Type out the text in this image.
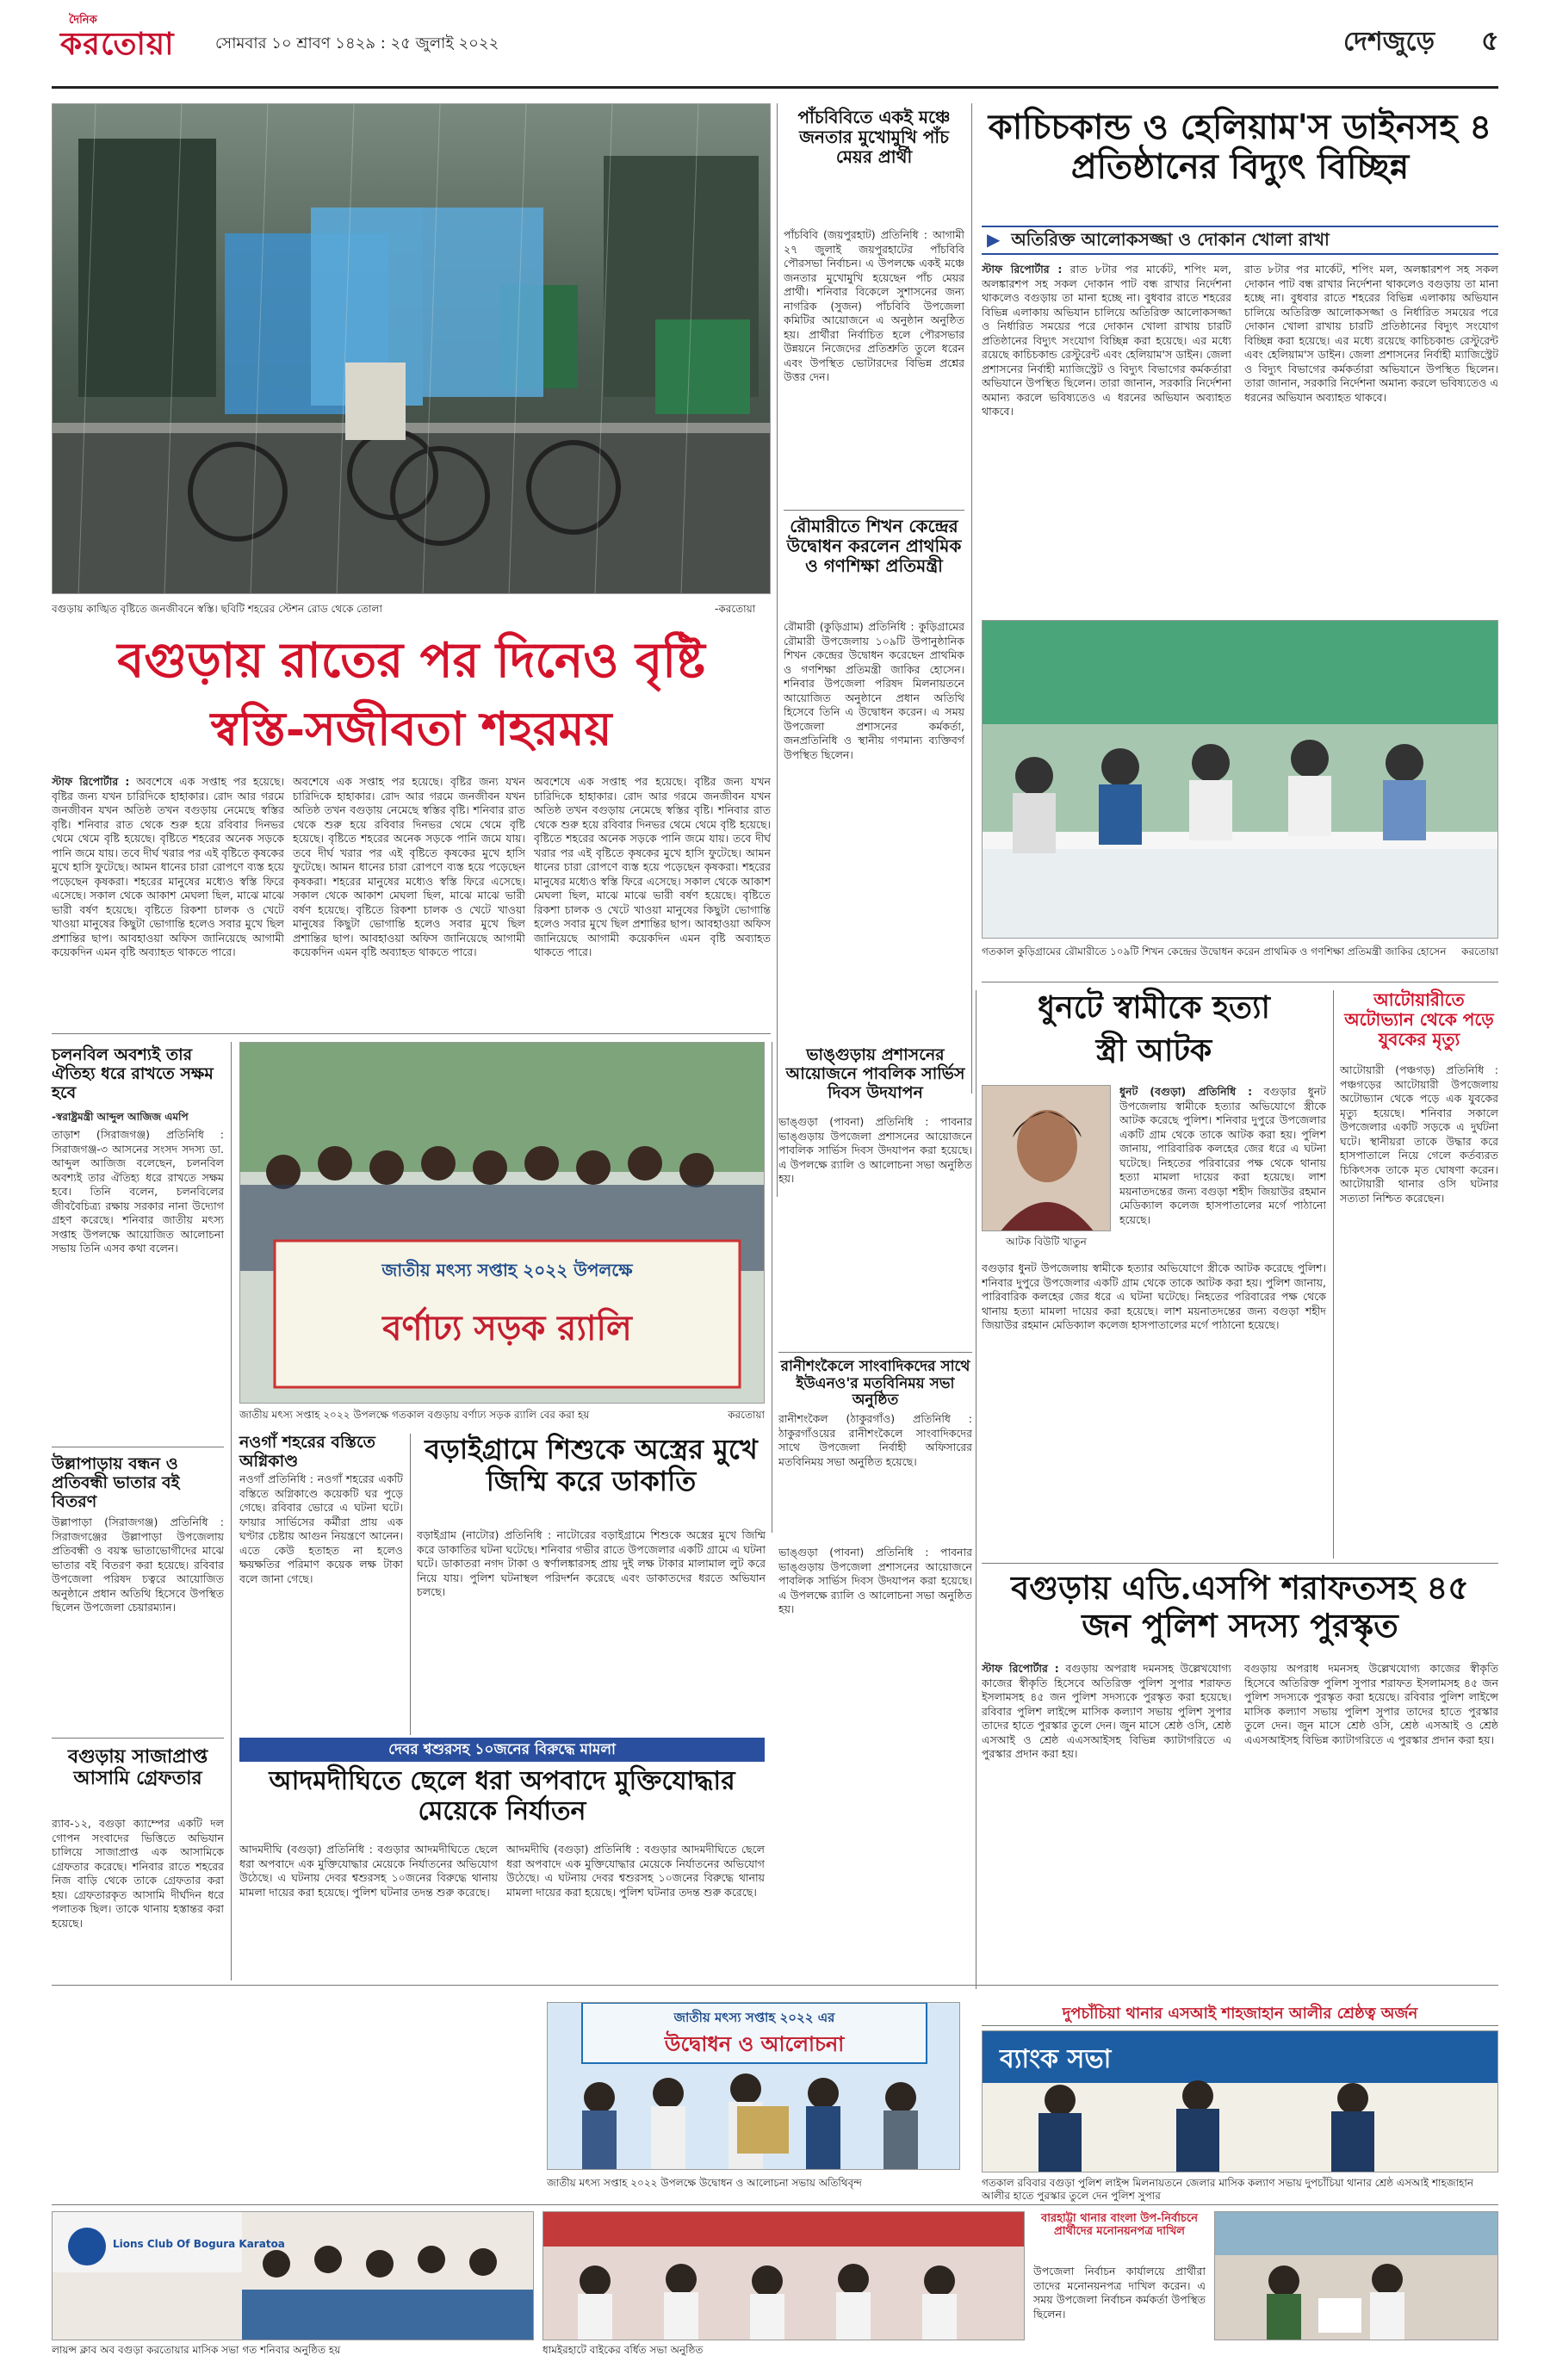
দৈনিক
করতোয়া	সোমবার ১০ শ্রাবণ ১৪২৯ : ২৫ জুলাই ২০২২	দেশজুড়ে ৫
বগুড়ায় কাঙ্খিত বৃষ্টিতে জনজীবনে স্বস্তি। ছবিটি শহরের স্টেশন রোড থেকে তোলা	-করতোয়া
বগুড়ায় রাতের পর দিনেও বৃষ্টি
স্বস্তি-সজীবতা শহরময়
স্টাফ রিপোর্টার : অবশেষে এক সপ্তাহ পর হয়েছে। বৃষ্টির জন্য যখন চারিদিকে হাহাকার। রোদ আর গরমে জনজীবন যখন অতিষ্ঠ তখন বগুড়ায় নেমেছে স্বস্তির বৃষ্টি। শনিবার রাত থেকে শুরু হয়ে রবিবার দিনভর থেমে থেমে বৃষ্টি হয়েছে। বৃষ্টিতে শহরের অনেক সড়কে পানি জমে যায়। তবে দীর্ঘ খরার পর এই বৃষ্টিতে কৃষকের মুখে হাসি ফুটেছে। আমন ধানের চারা রোপণে ব্যস্ত হয়ে পড়েছেন কৃষকরা। শহরের মানুষের মধ্যেও স্বস্তি ফিরে এসেছে। সকাল থেকে আকাশ মেঘলা ছিল, মাঝে মাঝে ভারী বর্ষণ হয়েছে। বৃষ্টিতে রিকশা চালক ও খেটে খাওয়া মানুষের কিছুটা ভোগান্তি হলেও সবার মুখে ছিল প্রশান্তির ছাপ। আবহাওয়া অফিস জানিয়েছে আগামী কয়েকদিন এমন বৃষ্টি অব্যাহত থাকতে পারে।
অবশেষে এক সপ্তাহ পর হয়েছে। বৃষ্টির জন্য যখন চারিদিকে হাহাকার। রোদ আর গরমে জনজীবন যখন অতিষ্ঠ তখন বগুড়ায় নেমেছে স্বস্তির বৃষ্টি। শনিবার রাত থেকে শুরু হয়ে রবিবার দিনভর থেমে থেমে বৃষ্টি হয়েছে। বৃষ্টিতে শহরের অনেক সড়কে পানি জমে যায়। তবে দীর্ঘ খরার পর এই বৃষ্টিতে কৃষকের মুখে হাসি ফুটেছে। আমন ধানের চারা রোপণে ব্যস্ত হয়ে পড়েছেন কৃষকরা। শহরের মানুষের মধ্যেও স্বস্তি ফিরে এসেছে। সকাল থেকে আকাশ মেঘলা ছিল, মাঝে মাঝে ভারী বর্ষণ হয়েছে। বৃষ্টিতে রিকশা চালক ও খেটে খাওয়া মানুষের কিছুটা ভোগান্তি হলেও সবার মুখে ছিল প্রশান্তির ছাপ। আবহাওয়া অফিস জানিয়েছে আগামী কয়েকদিন এমন বৃষ্টি অব্যাহত থাকতে পারে।
অবশেষে এক সপ্তাহ পর হয়েছে। বৃষ্টির জন্য যখন চারিদিকে হাহাকার। রোদ আর গরমে জনজীবন যখন অতিষ্ঠ তখন বগুড়ায় নেমেছে স্বস্তির বৃষ্টি। শনিবার রাত থেকে শুরু হয়ে রবিবার দিনভর থেমে থেমে বৃষ্টি হয়েছে। বৃষ্টিতে শহরের অনেক সড়কে পানি জমে যায়। তবে দীর্ঘ খরার পর এই বৃষ্টিতে কৃষকের মুখে হাসি ফুটেছে। আমন ধানের চারা রোপণে ব্যস্ত হয়ে পড়েছেন কৃষকরা। শহরের মানুষের মধ্যেও স্বস্তি ফিরে এসেছে। সকাল থেকে আকাশ মেঘলা ছিল, মাঝে মাঝে ভারী বর্ষণ হয়েছে। বৃষ্টিতে রিকশা চালক ও খেটে খাওয়া মানুষের কিছুটা ভোগান্তি হলেও সবার মুখে ছিল প্রশান্তির ছাপ। আবহাওয়া অফিস জানিয়েছে আগামী কয়েকদিন এমন বৃষ্টি অব্যাহত থাকতে পারে।
পাঁচবিবিতে একই মঞ্চে জনতার মুখোমুখি পাঁচ মেয়র প্রার্থী
পাঁচবিবি (জয়পুরহাট) প্রতিনিধি : আগামী ২৭ জুলাই জয়পুরহাটের পাঁচবিবি পৌরসভা নির্বাচন। এ উপলক্ষে একই মঞ্চে জনতার মুখোমুখি হয়েছেন পাঁচ মেয়র প্রার্থী। শনিবার বিকেলে সুশাসনের জন্য নাগরিক (সুজন) পাঁচবিবি উপজেলা কমিটির আয়োজনে এ অনুষ্ঠান অনুষ্ঠিত হয়। প্রার্থীরা নির্বাচিত হলে পৌরসভার উন্নয়নে নিজেদের প্রতিশ্রুতি তুলে ধরেন এবং উপস্থিত ভোটারদের বিভিন্ন প্রশ্নের উত্তর দেন।
রৌমারীতে শিখন কেন্দ্রের উদ্বোধন করলেন প্রাথমিক ও গণশিক্ষা প্রতিমন্ত্রী
রৌমারী (কুড়িগ্রাম) প্রতিনিধি : কুড়িগ্রামের রৌমারী উপজেলায় ১০৯টি উপানুষ্ঠানিক শিখন কেন্দ্রের উদ্বোধন করেছেন প্রাথমিক ও গণশিক্ষা প্রতিমন্ত্রী জাকির হোসেন। শনিবার উপজেলা পরিষদ মিলনায়তনে আয়োজিত অনুষ্ঠানে প্রধান অতিথি হিসেবে তিনি এ উদ্বোধন করেন। এ সময় উপজেলা প্রশাসনের কর্মকর্তা, জনপ্রতিনিধি ও স্থানীয় গণমান্য ব্যক্তিবর্গ উপস্থিত ছিলেন।
কাচিচকান্ড ও হেলিয়াম'স ডাইনসহ ৪ প্রতিষ্ঠানের বিদ্যুৎ বিচ্ছিন্ন
▶ অতিরিক্ত আলোকসজ্জা ও দোকান খোলা রাখা
স্টাফ রিপোর্টার : রাত ৮টার পর মার্কেট, শপিং মল, অলঙ্কারশপ সহ সকল দোকান পাট বন্ধ রাখার নির্দেশনা থাকলেও বগুড়ায় তা মানা হচ্ছে না। বুধবার রাতে শহরের বিভিন্ন এলাকায় অভিযান চালিয়ে অতিরিক্ত আলোকসজ্জা ও নির্ধারিত সময়ের পরে দোকান খোলা রাখায় চারটি প্রতিষ্ঠানের বিদ্যুৎ সংযোগ বিচ্ছিন্ন করা হয়েছে। এর মধ্যে রয়েছে কাচিচকান্ড রেস্টুরেন্ট এবং হেলিয়াম'স ডাইন। জেলা প্রশাসনের নির্বাহী ম্যাজিস্ট্রেট ও বিদ্যুৎ বিভাগের কর্মকর্তারা অভিযানে উপস্থিত ছিলেন। তারা জানান, সরকারি নির্দেশনা অমান্য করলে ভবিষ্যতেও এ ধরনের অভিযান অব্যাহত থাকবে।
রাত ৮টার পর মার্কেট, শপিং মল, অলঙ্কারশপ সহ সকল দোকান পাট বন্ধ রাখার নির্দেশনা থাকলেও বগুড়ায় তা মানা হচ্ছে না। বুধবার রাতে শহরের বিভিন্ন এলাকায় অভিযান চালিয়ে অতিরিক্ত আলোকসজ্জা ও নির্ধারিত সময়ের পরে দোকান খোলা রাখায় চারটি প্রতিষ্ঠানের বিদ্যুৎ সংযোগ বিচ্ছিন্ন করা হয়েছে। এর মধ্যে রয়েছে কাচিচকান্ড রেস্টুরেন্ট এবং হেলিয়াম'স ডাইন। জেলা প্রশাসনের নির্বাহী ম্যাজিস্ট্রেট ও বিদ্যুৎ বিভাগের কর্মকর্তারা অভিযানে উপস্থিত ছিলেন। তারা জানান, সরকারি নির্দেশনা অমান্য করলে ভবিষ্যতেও এ ধরনের অভিযান অব্যাহত থাকবে।
গতকাল কুড়িগ্রামের রৌমারীতে ১০৯টি শিখন কেন্দ্রের উদ্বোধন করেন প্রাথমিক ও গণশিক্ষা প্রতিমন্ত্রী জাকির হোসেন করতোয়া
ধুনটে স্বামীকে হত্যা
স্ত্রী আটক
আটক বিউটি খাতুন
ধুনট (বগুড়া) প্রতিনিধি : বগুড়ার ধুনট উপজেলায় স্বামীকে হত্যার অভিযোগে স্ত্রীকে আটক করেছে পুলিশ। শনিবার দুপুরে উপজেলার একটি গ্রাম থেকে তাকে আটক করা হয়। পুলিশ জানায়, পারিবারিক কলহের জের ধরে এ ঘটনা ঘটেছে। নিহতের পরিবারের পক্ষ থেকে থানায় হত্যা মামলা দায়ের করা হয়েছে। লাশ ময়নাতদন্তের জন্য বগুড়া শহীদ জিয়াউর রহমান মেডিক্যাল কলেজ হাসপাতালের মর্গে পাঠানো হয়েছে।
বগুড়ার ধুনট উপজেলায় স্বামীকে হত্যার অভিযোগে স্ত্রীকে আটক করেছে পুলিশ। শনিবার দুপুরে উপজেলার একটি গ্রাম থেকে তাকে আটক করা হয়। পুলিশ জানায়, পারিবারিক কলহের জের ধরে এ ঘটনা ঘটেছে। নিহতের পরিবারের পক্ষ থেকে থানায় হত্যা মামলা দায়ের করা হয়েছে। লাশ ময়নাতদন্তের জন্য বগুড়া শহীদ জিয়াউর রহমান মেডিক্যাল কলেজ হাসপাতালের মর্গে পাঠানো হয়েছে।
আটোয়ারীতে অটোভ্যান থেকে পড়ে যুবকের মৃত্যু
আটোয়ারী (পঞ্চগড়) প্রতিনিধি : পঞ্চগড়ের আটোয়ারী উপজেলায় অটোভ্যান থেকে পড়ে এক যুবকের মৃত্যু হয়েছে। শনিবার সকালে উপজেলার একটি সড়কে এ দুর্ঘটনা ঘটে। স্থানীয়রা তাকে উদ্ধার করে হাসপাতালে নিয়ে গেলে কর্তব্যরত চিকিৎসক তাকে মৃত ঘোষণা করেন। আটোয়ারী থানার ওসি ঘটনার সত্যতা নিশ্চিত করেছেন।
বগুড়ায় এডি.এসপি শরাফতসহ ৪৫ জন পুলিশ সদস্য পুরস্কৃত
স্টাফ রিপোর্টার : বগুড়ায় অপরাধ দমনসহ উল্লেখযোগ্য কাজের স্বীকৃতি হিসেবে অতিরিক্ত পুলিশ সুপার শরাফত ইসলামসহ ৪৫ জন পুলিশ সদস্যকে পুরস্কৃত করা হয়েছে। রবিবার পুলিশ লাইন্সে মাসিক কল্যাণ সভায় পুলিশ সুপার তাদের হাতে পুরস্কার তুলে দেন। জুন মাসে শ্রেষ্ঠ ওসি, শ্রেষ্ঠ এসআই ও শ্রেষ্ঠ এএসআইসহ বিভিন্ন ক্যাটাগরিতে এ পুরস্কার প্রদান করা হয়।
বগুড়ায় অপরাধ দমনসহ উল্লেখযোগ্য কাজের স্বীকৃতি হিসেবে অতিরিক্ত পুলিশ সুপার শরাফত ইসলামসহ ৪৫ জন পুলিশ সদস্যকে পুরস্কৃত করা হয়েছে। রবিবার পুলিশ লাইন্সে মাসিক কল্যাণ সভায় পুলিশ সুপার তাদের হাতে পুরস্কার তুলে দেন। জুন মাসে শ্রেষ্ঠ ওসি, শ্রেষ্ঠ এসআই ও শ্রেষ্ঠ এএসআইসহ বিভিন্ন ক্যাটাগরিতে এ পুরস্কার প্রদান করা হয়।
চলনবিল অবশ্যই তার ঐতিহ্য ধরে রাখতে সক্ষম হবে
-স্বরাষ্ট্রমন্ত্রী আব্দুল আজিজ এমপি
তাড়াশ (সিরাজগঞ্জ) প্রতিনিধি : সিরাজগঞ্জ-৩ আসনের সংসদ সদস্য ডা. আব্দুল আজিজ বলেছেন, চলনবিল অবশ্যই তার ঐতিহ্য ধরে রাখতে সক্ষম হবে। তিনি বলেন, চলনবিলের জীববৈচিত্র্য রক্ষায় সরকার নানা উদ্যোগ গ্রহণ করেছে। শনিবার জাতীয় মৎস্য সপ্তাহ উপলক্ষে আয়োজিত আলোচনা সভায় তিনি এসব কথা বলেন।
উল্লাপাড়ায় বন্ধন ও প্রতিবন্ধী ভাতার বই বিতরণ
উল্লাপাড়া (সিরাজগঞ্জ) প্রতিনিধি : সিরাজগঞ্জের উল্লাপাড়া উপজেলায় প্রতিবন্ধী ও বয়স্ক ভাতাভোগীদের মাঝে ভাতার বই বিতরণ করা হয়েছে। রবিবার উপজেলা পরিষদ চত্বরে আয়োজিত অনুষ্ঠানে প্রধান অতিথি হিসেবে উপস্থিত ছিলেন উপজেলা চেয়ারম্যান।
বগুড়ায় সাজাপ্রাপ্ত আসামি গ্রেফতার
র‍্যাব-১২, বগুড়া ক্যাম্পের একটি দল গোপন সংবাদের ভিত্তিতে অভিযান চালিয়ে সাজাপ্রাপ্ত এক আসামিকে গ্রেফতার করেছে। শনিবার রাতে শহরের নিজ বাড়ি থেকে তাকে গ্রেফতার করা হয়। গ্রেফতারকৃত আসামি দীর্ঘদিন ধরে পলাতক ছিল। তাকে থানায় হস্তান্তর করা হয়েছে।
জাতীয় মৎস্য সপ্তাহ ২০২২ উপলক্ষে
বর্ণাঢ্য সড়ক র‍্যালি
জাতীয় মৎস্য সপ্তাহ ২০২২ উপলক্ষে গতকাল বগুড়ায় বর্ণাঢ্য সড়ক র‍্যালি বের করা হয়	করতোয়া
নওগাঁ শহরের বস্তিতে অগ্নিকাণ্ড
নওগাঁ প্রতিনিধি : নওগাঁ শহরের একটি বস্তিতে অগ্নিকাণ্ডে কয়েকটি ঘর পুড়ে গেছে। রবিবার ভোরে এ ঘটনা ঘটে। ফায়ার সার্ভিসের কর্মীরা প্রায় এক ঘণ্টার চেষ্টায় আগুন নিয়ন্ত্রণে আনেন। এতে কেউ হতাহত না হলেও ক্ষয়ক্ষতির পরিমাণ কয়েক লক্ষ টাকা বলে জানা গেছে।
বড়াইগ্রামে শিশুকে অস্ত্রের মুখে জিম্মি করে ডাকাতি
বড়াইগ্রাম (নাটোর) প্রতিনিধি : নাটোরের বড়াইগ্রামে শিশুকে অস্ত্রের মুখে জিম্মি করে ডাকাতির ঘটনা ঘটেছে। শনিবার গভীর রাতে উপজেলার একটি গ্রামে এ ঘটনা ঘটে। ডাকাতরা নগদ টাকা ও স্বর্ণালঙ্কারসহ প্রায় দুই লক্ষ টাকার মালামাল লুট করে নিয়ে যায়। পুলিশ ঘটনাস্থল পরিদর্শন করেছে এবং ডাকাতদের ধরতে অভিযান চলছে।
দেবর শ্বশুরসহ ১০জনের বিরুদ্ধে মামলা
আদমদীঘিতে ছেলে ধরা অপবাদে মুক্তিযোদ্ধার মেয়েকে নির্যাতন
আদমদীঘি (বগুড়া) প্রতিনিধি : বগুড়ার আদমদীঘিতে ছেলে ধরা অপবাদে এক মুক্তিযোদ্ধার মেয়েকে নির্যাতনের অভিযোগ উঠেছে। এ ঘটনায় দেবর শ্বশুরসহ ১০জনের বিরুদ্ধে থানায় মামলা দায়ের করা হয়েছে। পুলিশ ঘটনার তদন্ত শুরু করেছে।
আদমদীঘি (বগুড়া) প্রতিনিধি : বগুড়ার আদমদীঘিতে ছেলে ধরা অপবাদে এক মুক্তিযোদ্ধার মেয়েকে নির্যাতনের অভিযোগ উঠেছে। এ ঘটনায় দেবর শ্বশুরসহ ১০জনের বিরুদ্ধে থানায় মামলা দায়ের করা হয়েছে। পুলিশ ঘটনার তদন্ত শুরু করেছে।
ভাঙ্গুড়ায় প্রশাসনের আয়োজনে পাবলিক সার্ভিস দিবস উদযাপন
ভাঙ্গুড়া (পাবনা) প্রতিনিধি : পাবনার ভাঙ্গুড়ায় উপজেলা প্রশাসনের আয়োজনে পাবলিক সার্ভিস দিবস উদযাপন করা হয়েছে। এ উপলক্ষে র‍্যালি ও আলোচনা সভা অনুষ্ঠিত হয়।
রানীশংকৈলে সাংবাদিকদের সাথে ইউএনও'র মতবিনিময় সভা অনুষ্ঠিত
রানীশংকৈল (ঠাকুরগাঁও) প্রতিনিধি : ঠাকুরগাঁওয়ের রানীশংকৈলে সাংবাদিকদের সাথে উপজেলা নির্বাহী অফিসারের মতবিনিময় সভা অনুষ্ঠিত হয়েছে।
ভাঙ্গুড়া (পাবনা) প্রতিনিধি : পাবনার ভাঙ্গুড়ায় উপজেলা প্রশাসনের আয়োজনে পাবলিক সার্ভিস দিবস উদযাপন করা হয়েছে। এ উপলক্ষে র‍্যালি ও আলোচনা সভা অনুষ্ঠিত হয়।
জাতীয় মৎস্য সপ্তাহ ২০২২ এর
উদ্বোধন ও আলোচনা
জাতীয় মৎস্য সপ্তাহ ২০২২ উপলক্ষে উদ্বোধন ও আলোচনা সভায় অতিথিবৃন্দ
দুপচাঁচিয়া থানার এসআই শাহজাহান আলীর শ্রেষ্ঠত্ব অর্জন
ব্যাংক সভা
গতকাল রবিবার বগুড়া পুলিশ লাইন্স মিলনায়তনে জেলার মাসিক কল্যাণ সভায় দুপচাঁচিয়া থানার শ্রেষ্ঠ এসআই শাহজাহান আলীর হাতে পুরস্কার তুলে দেন পুলিশ সুপার
Lions Club Of Bogura Karatoa
লায়ন্স ক্লাব অব বগুড়া করতোয়ার মাসিক সভা গত শনিবার অনুষ্ঠিত হয়	ধামইরহাটে বাইকের বর্ধিত সভা অনুষ্ঠিত
বারহাট্টা থানার বাংলা উপ-নির্বাচনে প্রার্থীদের মনোনয়নপত্র দাখিল
উপজেলা নির্বাচন কার্যালয়ে প্রার্থীরা তাদের মনোনয়নপত্র দাখিল করেন। এ সময় উপজেলা নির্বাচন কর্মকর্তা উপস্থিত ছিলেন।
